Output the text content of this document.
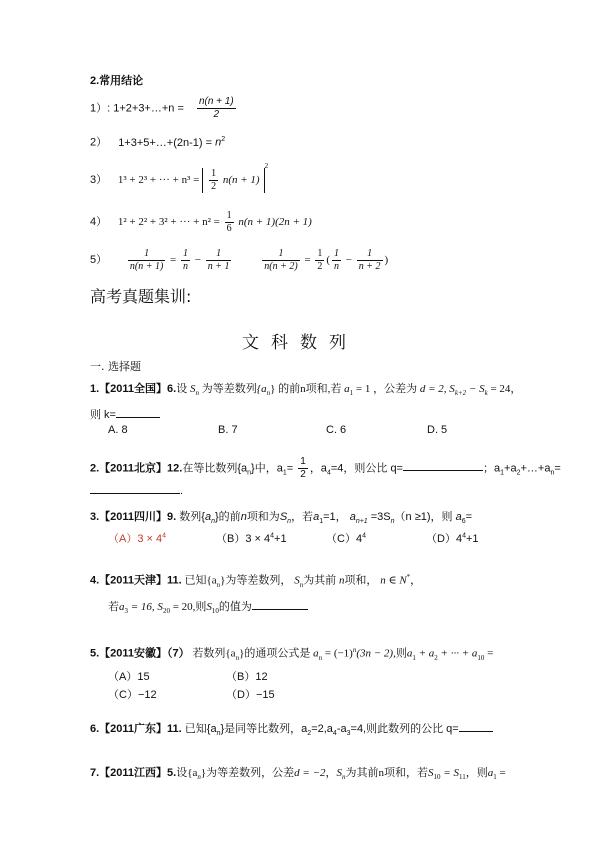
2.常用结论
1）: 1+2+3+…+n = $\frac{n(n + 1)}{2}$
2） 1+3+5+…+(2n-1) = $n^2$
3） 1³ + 2³ + ··· + $n^3 = \frac{1}{2} n(n + 1)^2$
4） 1² + 2² + 3² + ··· + $n^2 = \frac{1}{6} n(n + 1)(2n + 1)$
$5) \frac{1}{n(n + 1)} = \frac{1}{n} - \frac{1}{n + 1}$
	$\frac{1}{n(n + 2)} = \frac{1}{2}$ ( $\frac{1}{n} - \frac{1}{n + 2}$ )
高考真题集训:
文科数列
一. 选择题
1.【2011全国】6.设 $S_n$ 为等差数列$\{a_n\}$ 的前n项和,若 $a_1 = 1$ ，公差为 d = 2, $S_{k+2} - S_k = 24$，
则 k=
A. 8	B. 7	C. 6	D. 5
2.【2011北京】12.在等比数列$\{a_n\}$中，$a_1= \frac{1}{2}$ ，$a_4=4$，则公比 q=	；$a_1+a_2+\dots+a_n=$
.
3.【2011四川】9. 数列$\{a_n\}$的前n项和为$S_n$，若$a_1=1$， $a_{n+1} =3S_n(n \ge 1)$，则 $a_6=$
$(A)3 \times 4^4$	$(B)3 \times 4^4+1$	$(C)4^4$	$(D)4^4+1$
4.【2011天津】11. 已知$\{a_n\}$为等差数列， $S_n$为其前 n项和， n ∈ N*，
若$a_3 = 16$, $S_{20} = 20$,则$S_{10}$的值为
5.【2011安徽】（7） 若数列$\{a_n\}$的通项公式是 $a_n = (-1)^n(3n - 2)$,则$a_1 + a_2$ + ··· + $a_{10}$ =
（A）15	（B）12
（C）−12	（D）−15
6.【2011广东】11. 已知$\{a_n\}$是同等比数列，$a_2=2,a_4-a_3=4$,则此数列的公比 q=
7.【2011江西】5.设$\{a_n\}$为等差数列，公差d = −2，$S_n$为其前n项和，若$S_{10} = S_{11}$，则$a_1$ =
